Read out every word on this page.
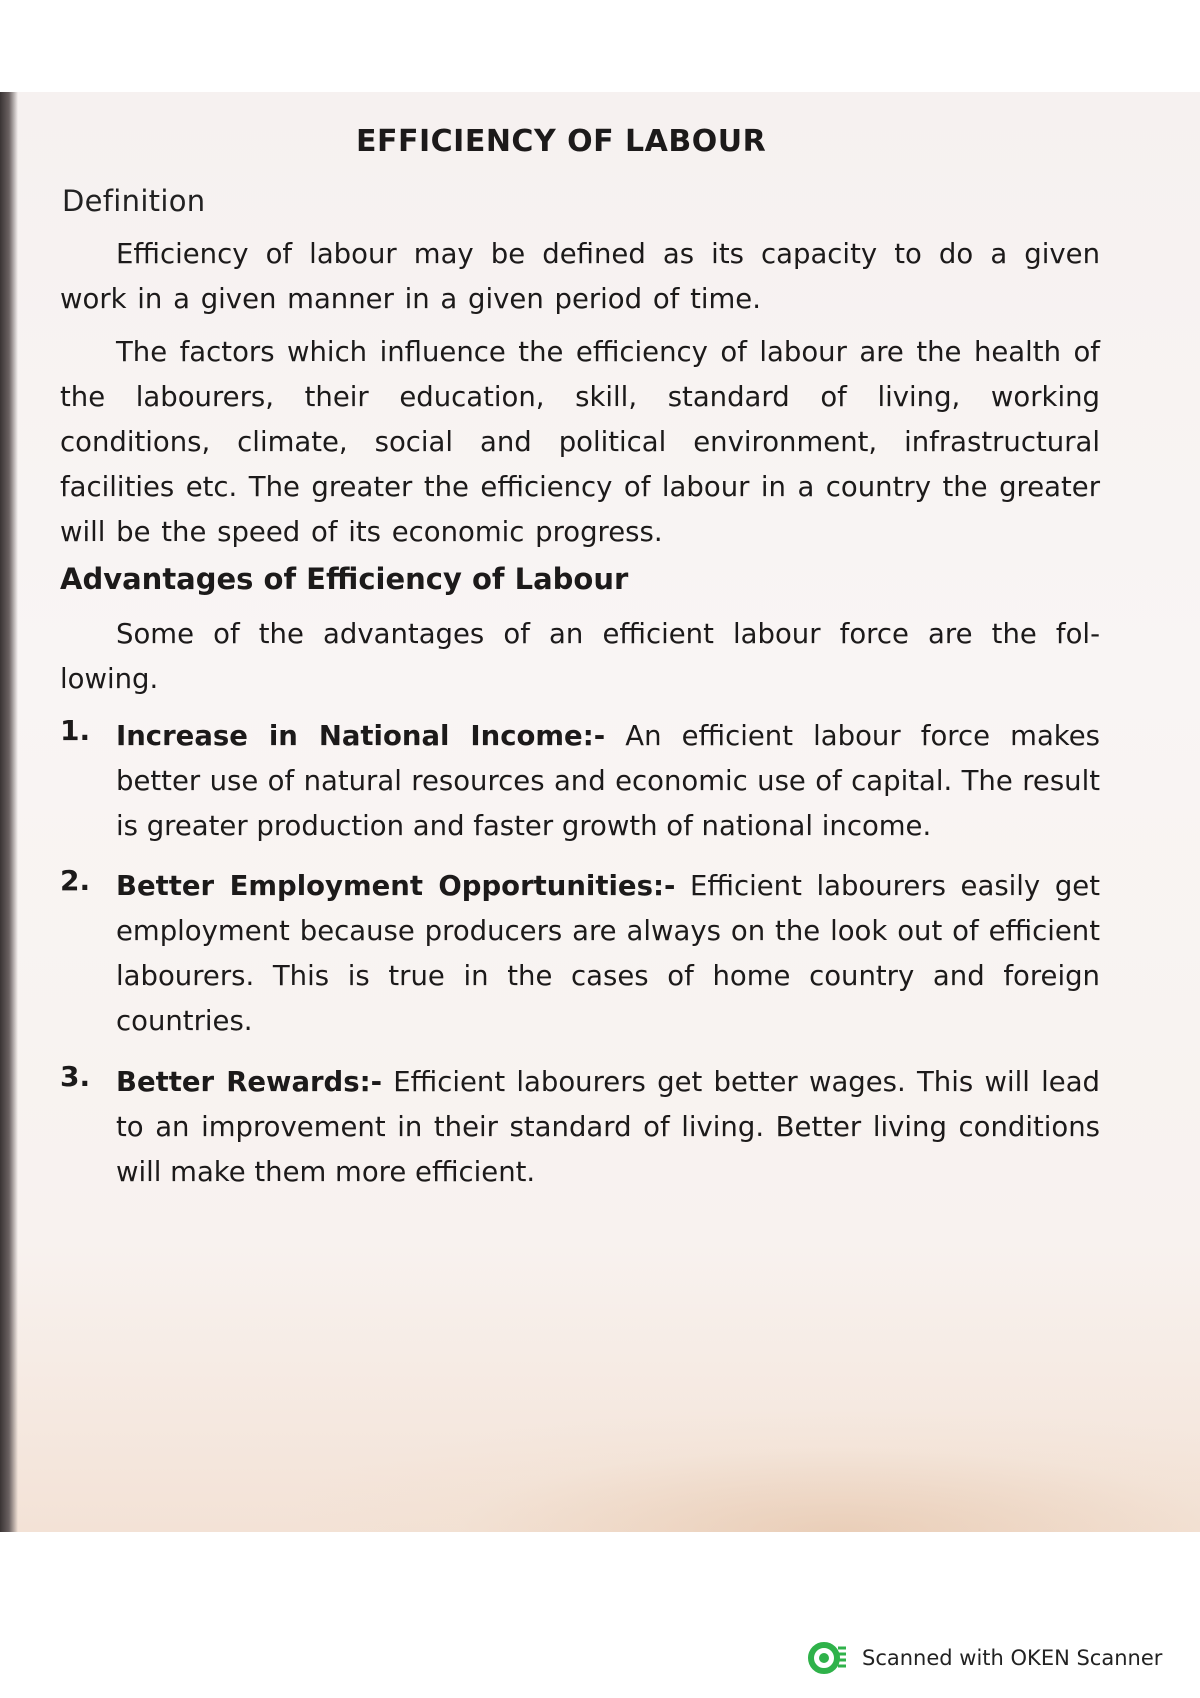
EFFICIENCY OF LABOUR
Definition
Efficiency of labour may be defined as its capacity to do a given work in a given manner in a given period of time.
The factors which influence the efficiency of labour are the health of the labourers, their education, skill, standard of living, working conditions, climate, social and political environment, infrastructural facilities etc. The greater the efficiency of labour in a country the greater will be the speed of its economic progress.
Advantages of Efficiency of Labour
Some of the advantages of an efficient labour force are the fol-lowing.
1. Increase in National Income:- An efficient labour force makes better use of natural resources and economic use of capital. The result is greater production and faster growth of national income.
2. Better Employment Opportunities:- Efficient labourers easily get employment because producers are always on the look out of efficient labourers. This is true in the cases of home country and foreign countries.
3. Better Rewards:- Efficient labourers get better wages. This will lead to an improvement in their standard of living. Better living conditions will make them more efficient.
Scanned with OKEN Scanner
